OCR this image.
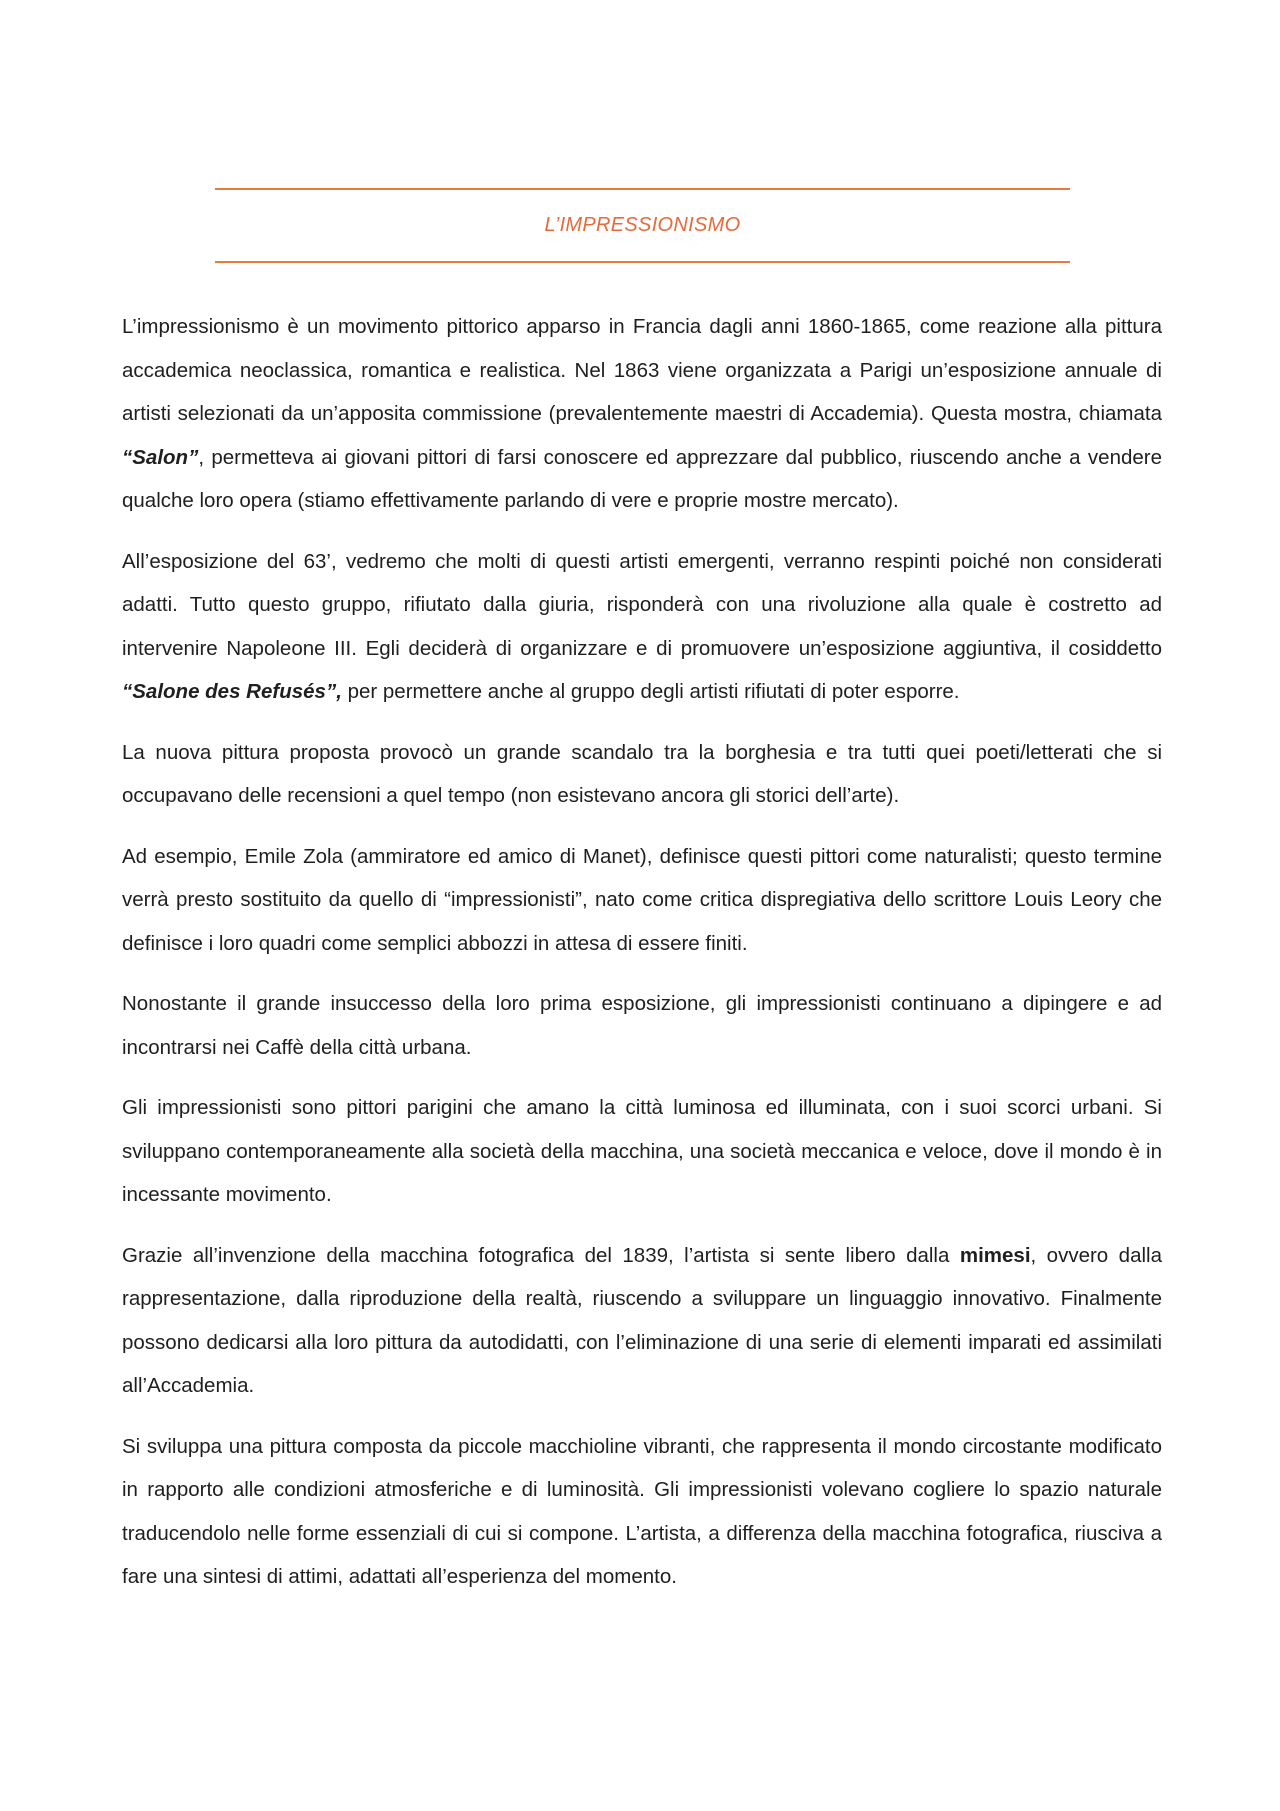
L’IMPRESSIONISMO

L’impressionismo è un movimento pittorico apparso in Francia dagli anni 1860-1865, come reazione alla pittura accademica neoclassica, romantica e realistica. Nel 1863 viene organizzata a Parigi un’esposizione annuale di artisti selezionati da un’apposita commissione (prevalentemente maestri di Accademia). Questa mostra, chiamata “Salon”, permetteva ai giovani pittori di farsi conoscere ed apprezzare dal pubblico, riuscendo anche a vendere qualche loro opera (stiamo effettivamente parlando di vere e proprie mostre mercato).

All’esposizione del 63’, vedremo che molti di questi artisti emergenti, verranno respinti poiché non considerati adatti. Tutto questo gruppo, rifiutato dalla giuria, risponderà con una rivoluzione alla quale è costretto ad intervenire Napoleone III. Egli deciderà di organizzare e di promuovere un’esposizione aggiuntiva, il cosiddetto “Salone des Refusés”, per permettere anche al gruppo degli artisti rifiutati di poter esporre.

La nuova pittura proposta provocò un grande scandalo tra la borghesia e tra tutti quei poeti/letterati che si occupavano delle recensioni a quel tempo (non esistevano ancora gli storici dell’arte).

Ad esempio, Emile Zola (ammiratore ed amico di Manet), definisce questi pittori come naturalisti; questo termine verrà presto sostituito da quello di “impressionisti”, nato come critica dispregiativa dello scrittore Louis Leory che definisce i loro quadri come semplici abbozzi in attesa di essere finiti.

Nonostante il grande insuccesso della loro prima esposizione, gli impressionisti continuano a dipingere e ad incontrarsi nei Caffè della città urbana.

Gli impressionisti sono pittori parigini che amano la città luminosa ed illuminata, con i suoi scorci urbani. Si sviluppano contemporaneamente alla società della macchina, una società meccanica e veloce, dove il mondo è in incessante movimento.

Grazie all’invenzione della macchina fotografica del 1839, l’artista si sente libero dalla mimesi, ovvero dalla rappresentazione, dalla riproduzione della realtà, riuscendo a sviluppare un linguaggio innovativo. Finalmente possono dedicarsi alla loro pittura da autodidatti, con l’eliminazione di una serie di elementi imparati ed assimilati all’Accademia.

Si sviluppa una pittura composta da piccole macchioline vibranti, che rappresenta il mondo circostante modificato in rapporto alle condizioni atmosferiche e di luminosità. Gli impressionisti volevano cogliere lo spazio naturale traducendolo nelle forme essenziali di cui si compone. L’artista, a differenza della macchina fotografica, riusciva a fare una sintesi di attimi, adattati all’esperienza del momento.
